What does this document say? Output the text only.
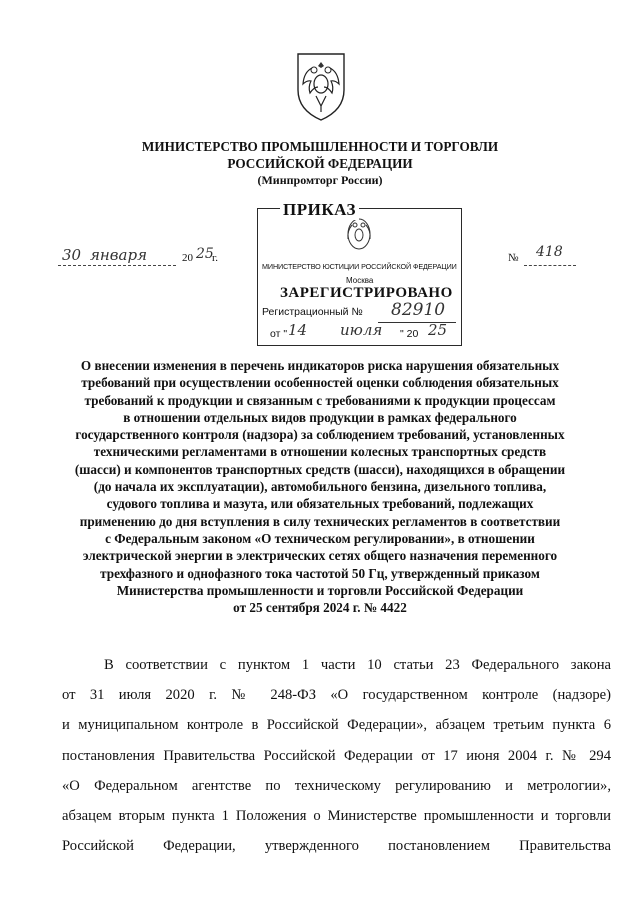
МИНИСТЕРСТВО ПРОМЫШЛЕННОСТИ И ТОРГОВЛИ
РОССИЙСКОЙ ФЕДЕРАЦИИ
(Минпромторг России)
МИНИСТЕРСТВО ЮСТИЦИИ РОССИЙСКОЙ ФЕДЕРАЦИИ
Москва
ЗАРЕГИСТРИРОВАНО
Регистрационный № 82910
от " 14 июля " 20 25
ПРИКАЗ
30 января	20 25
г.	№ 418
О внесении изменения в перечень индикаторов риска нарушения обязательных
требований при осуществлении особенностей оценки соблюдения обязательных
требований к продукции и связанным с требованиями к продукции процессам
в отношении отдельных видов продукции в рамках федерального
государственного контроля (надзора) за соблюдением требований, установленных
техническими регламентами в отношении колесных транспортных средств
(шасси) и компонентов транспортных средств (шасси), находящихся в обращении
(до начала их эксплуатации), автомобильного бензина, дизельного топлива,
судового топлива и мазута, или обязательных требований, подлежащих
применению до дня вступления в силу технических регламентов в соответствии
с Федеральным законом «О техническом регулировании», в отношении
электрической энергии в электрических сетях общего назначения переменного
трехфазного и однофазного тока частотой 50 Гц, утвержденный приказом
Министерства промышленности и торговли Российской Федерации
от 25 сентября 2024 г. № 4422
В соответствии с пунктом 1 части 10 статьи 23 Федерального закона
от 31 июля 2020 г. № 248-ФЗ «О государственном контроле (надзоре)
и муниципальном контроле в Российской Федерации», абзацем третьим пункта 6
постановления Правительства Российской Федерации от 17 июня 2004 г. № 294
«О Федеральном агентстве по техническому регулированию и метрологии»,
абзацем вторым пункта 1 Положения о Министерстве промышленности и торговли
Российской Федерации, утвержденного постановлением Правительства
